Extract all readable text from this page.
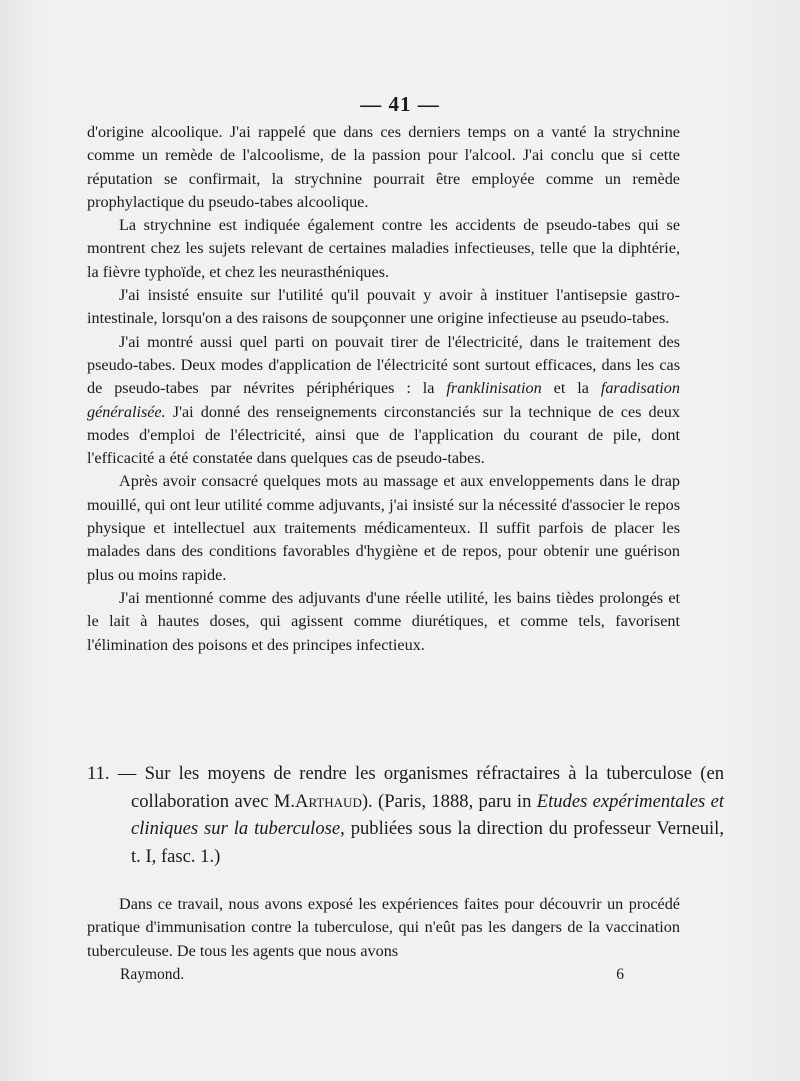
— 41 —

d'origine alcoolique. J'ai rappelé que dans ces derniers temps on a vanté la strychnine comme un remède de l'alcoolisme, de la passion pour l'alcool. J'ai conclu que si cette réputation se confirmait, la strychnine pourrait être employée comme un remède prophylactique du pseudo-tabes alcoolique.

La strychnine est indiquée également contre les accidents de pseudo-tabes qui se montrent chez les sujets relevant de certaines maladies infectieuses, telle que la diphtérie, la fièvre typhoïde, et chez les neurasthéniques.

J'ai insisté ensuite sur l'utilité qu'il pouvait y avoir à instituer l'antisepsie gastro-intestinale, lorsqu'on a des raisons de soupçonner une origine infectieuse au pseudo-tabes.

J'ai montré aussi quel parti on pouvait tirer de l'électricité, dans le traitement des pseudo-tabes. Deux modes d'application de l'électricité sont surtout efficaces, dans les cas de pseudo-tabes par névrites périphériques : la franklinisation et la faradisation généralisée. J'ai donné des renseignements circonstanciés sur la technique de ces deux modes d'emploi de l'électricité, ainsi que de l'application du courant de pile, dont l'efficacité a été constatée dans quelques cas de pseudo-tabes.

Après avoir consacré quelques mots au massage et aux enveloppements dans le drap mouillé, qui ont leur utilité comme adjuvants, j'ai insisté sur la nécessité d'associer le repos physique et intellectuel aux traitements médicamenteux. Il suffit parfois de placer les malades dans des conditions favorables d'hygiène et de repos, pour obtenir une guérison plus ou moins rapide.

J'ai mentionné comme des adjuvants d'une réelle utilité, les bains tièdes prolongés et le lait à hautes doses, qui agissent comme diurétiques, et comme tels, favorisent l'élimination des poisons et des principes infectieux.

11. — Sur les moyens de rendre les organismes réfractaires à la tuberculose (en collaboration avec M.Arthaud). (Paris, 1888, paru in Etudes expérimentales et cliniques sur la tuberculose, publiées sous la direction du professeur Verneuil, t. I, fasc. 1.)

Dans ce travail, nous avons exposé les expériences faites pour découvrir un procédé pratique d'immunisation contre la tuberculose, qui n'eût pas les dangers de la vaccination tuberculeuse. De tous les agents que nous avons

Raymond.	6
